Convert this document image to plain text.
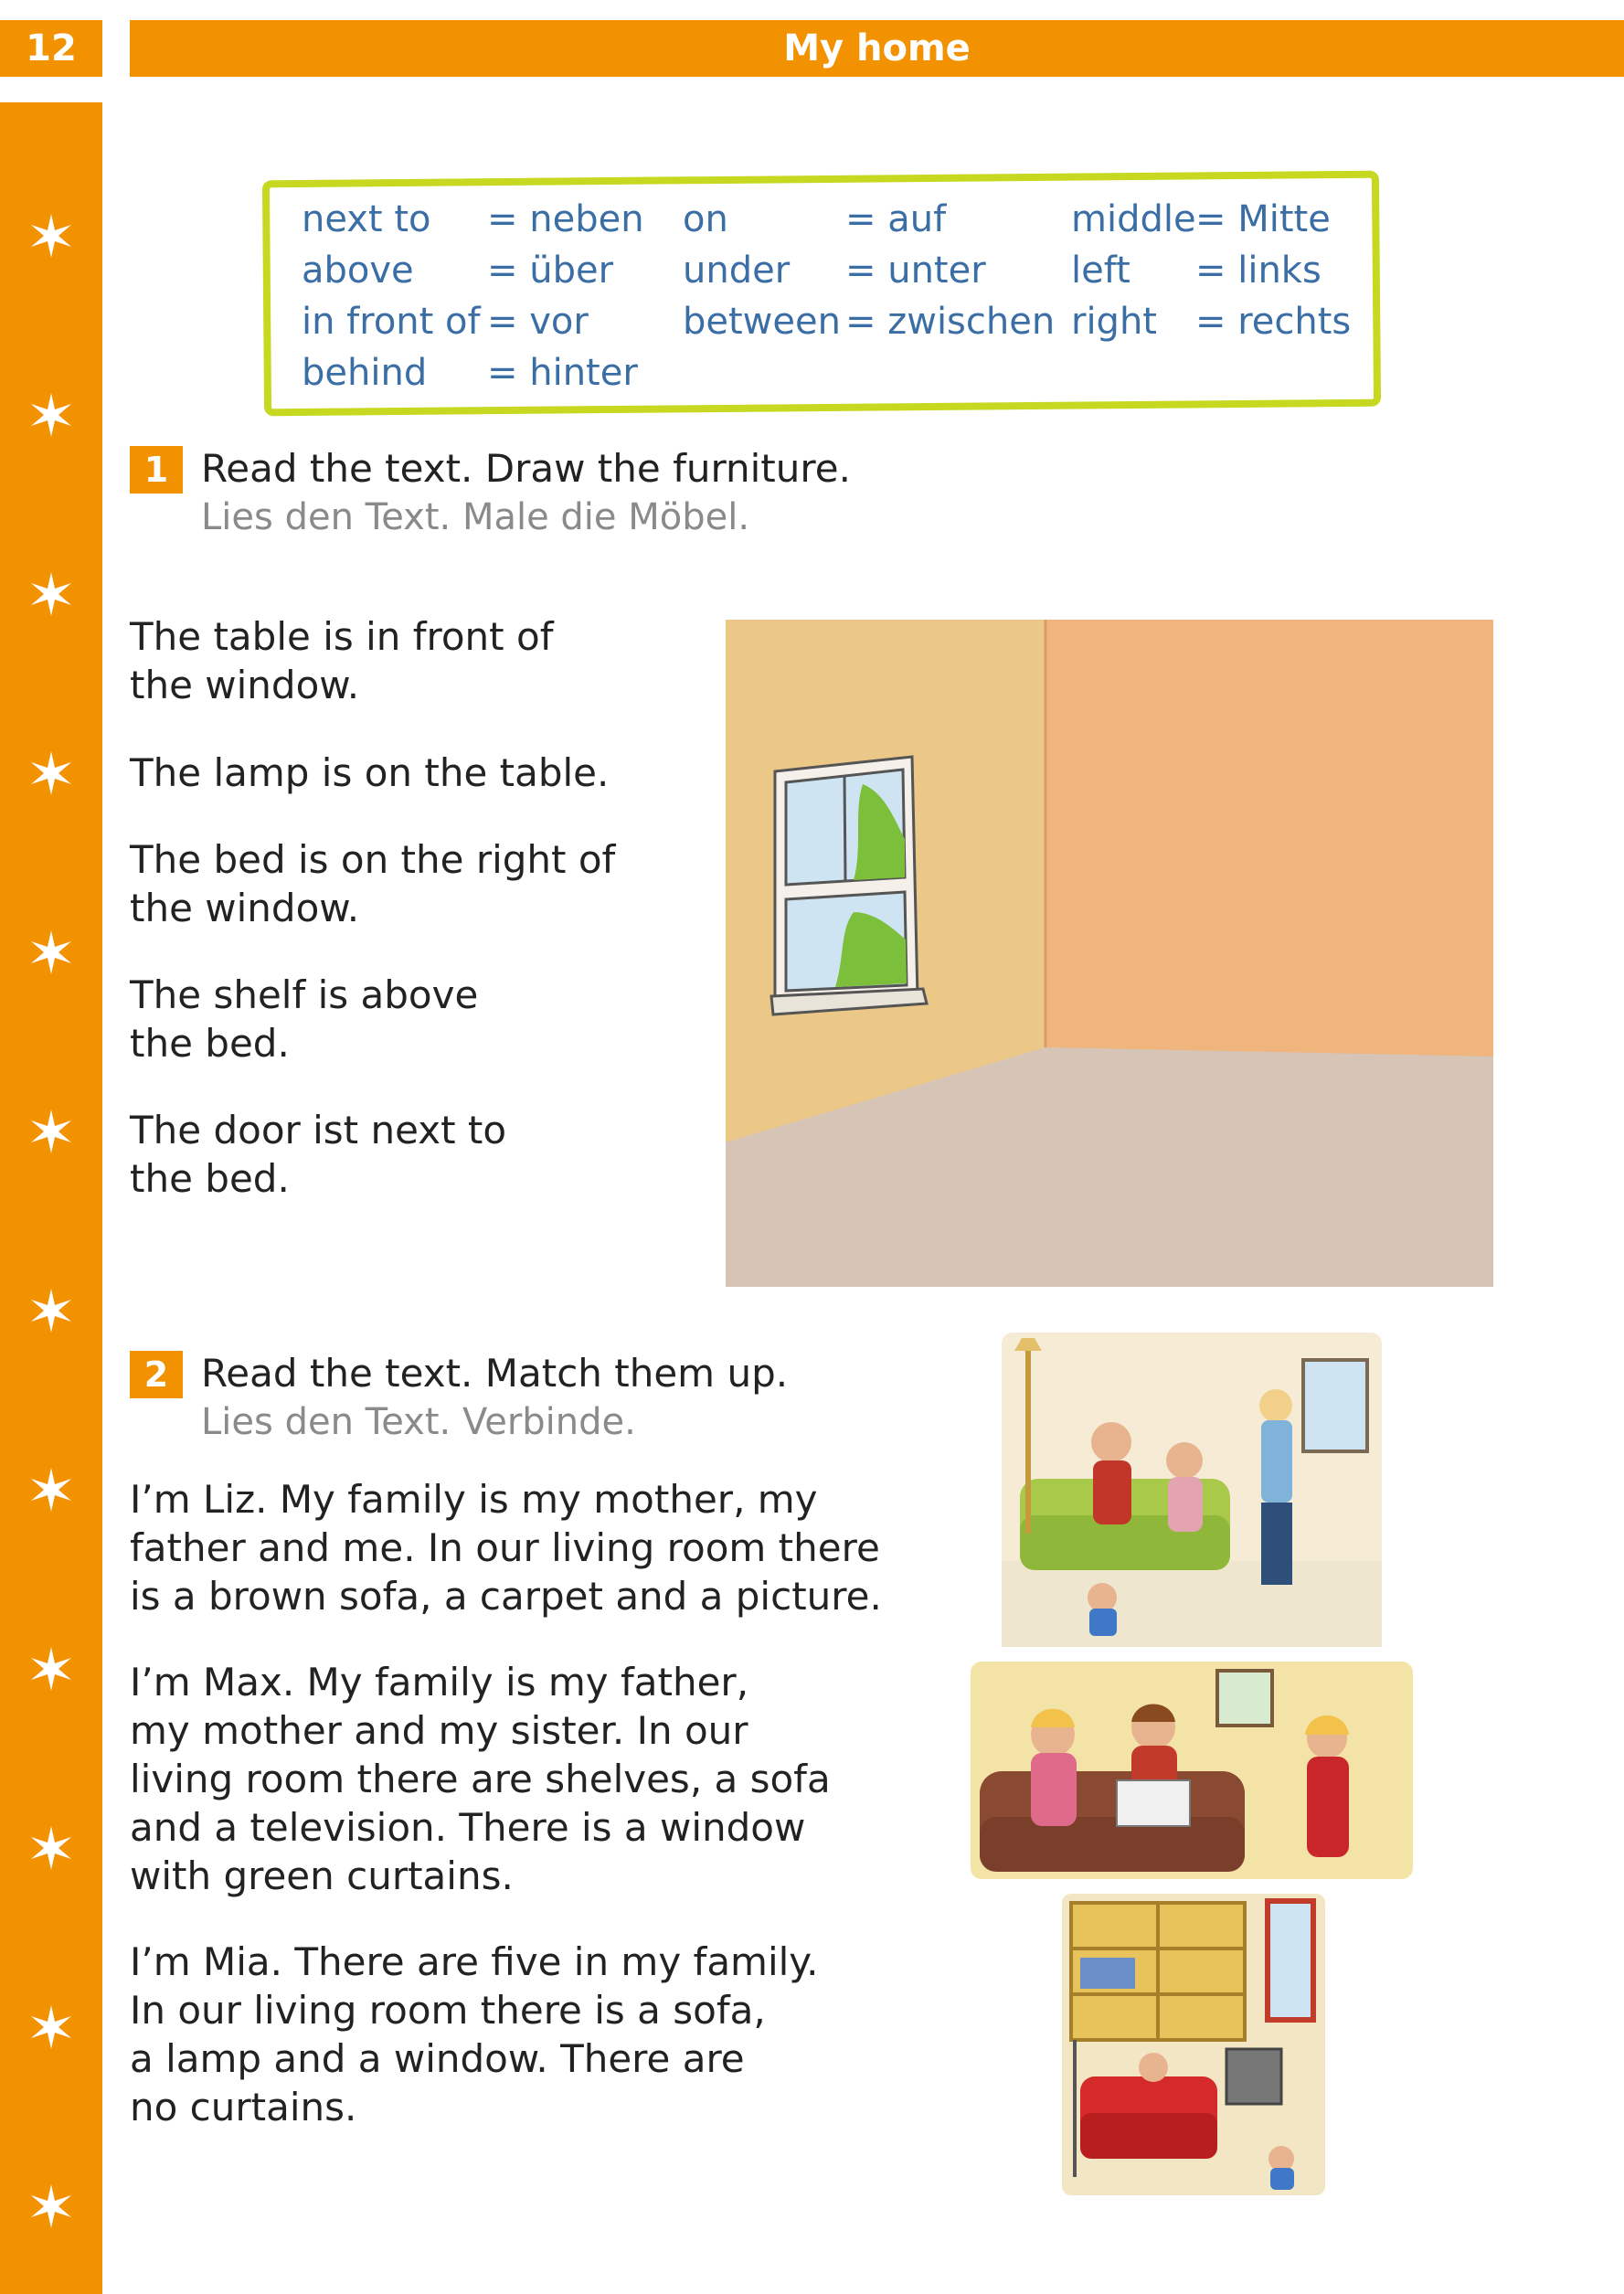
12	My home
next to = neben
above = über
in front of = vor
behind = hinter
on	= auf
under = unter
between = zwischen
middle = Mitte
left = links
right = rechts
1 Read the text. Draw the furniture.
Lies den Text. Male die Möbel.
The table is in front of
the window.
The lamp is on the table.
The bed is on the right of
the window.
The shelf is above
the bed.
The door ist next to
the bed.
2 Read the text. Match them up.
Lies den Text. Verbinde.
I’m Liz. My family is my mother, my
father and me. In our living room there
is a brown sofa, a carpet and a picture.
I’m Max. My family is my father,
my mother and my sister. In our
living room there are shelves, a sofa
and a television. There is a window
with green curtains.
I’m Mia. There are five in my family.
In our living room there is a sofa,
a lamp and a window. There are
no curtains.
